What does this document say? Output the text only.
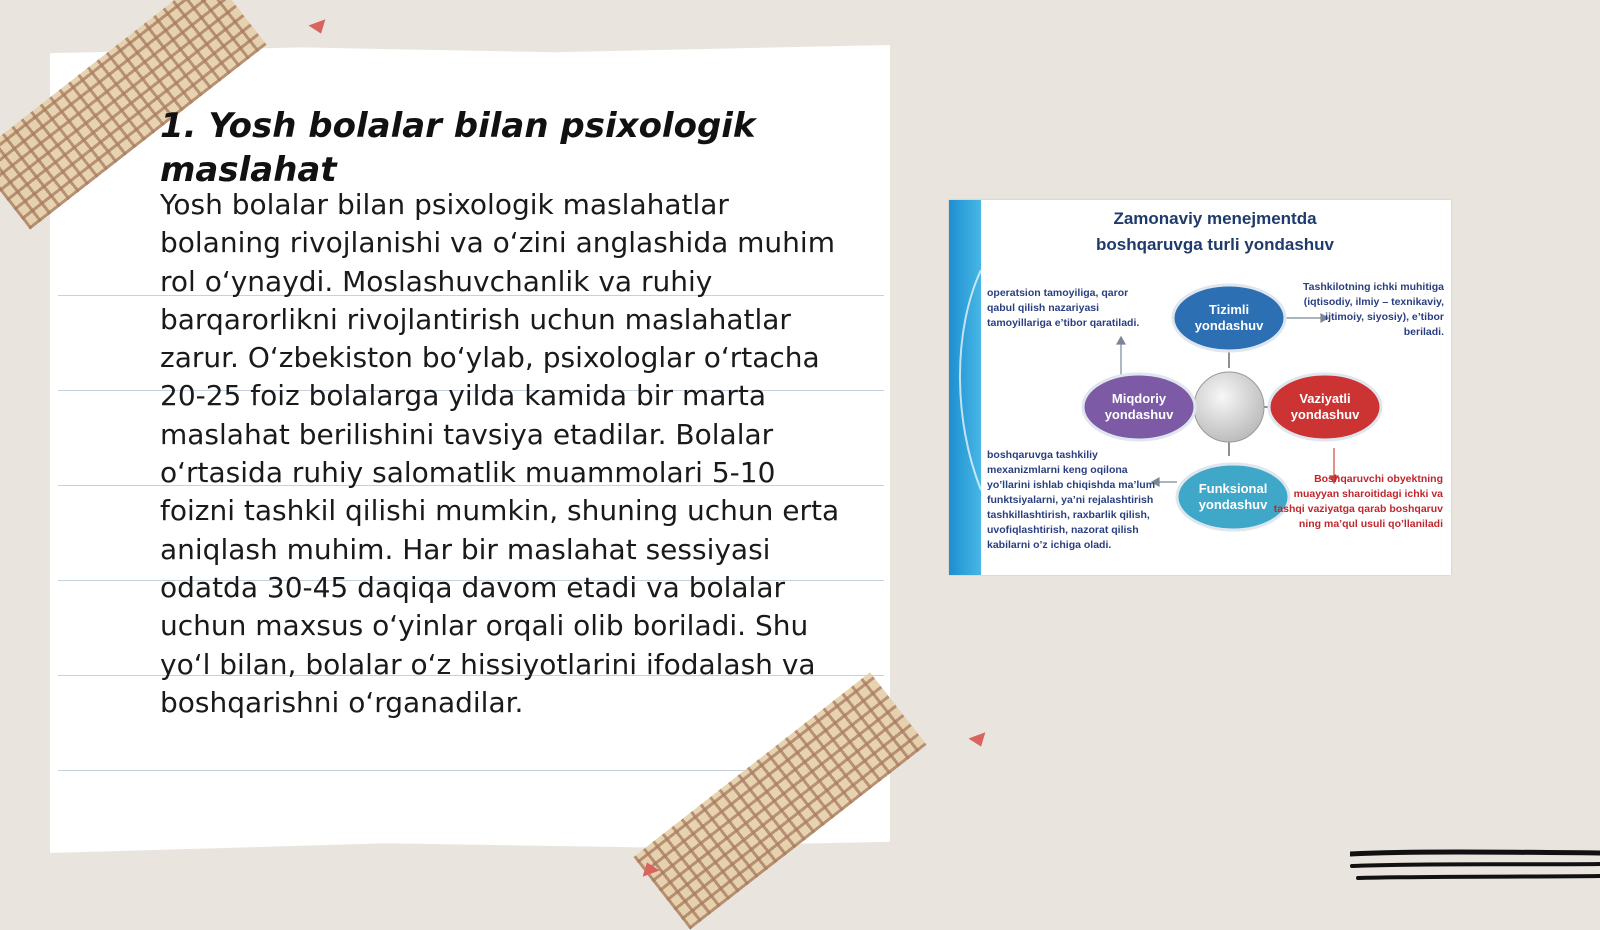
1. Yosh bolalar bilan psixologik maslahat

Yosh bolalar bilan psixologik maslahatlar bolaning rivojlanishi va o‘zini anglashida muhim rol o‘ynaydi. Moslashuvchanlik va ruhiy barqarorlikni rivojlantirish uchun maslahatlar zarur. O‘zbekiston bo‘ylab, psixologlar o‘rtacha 20-25 foiz bolalarga yilda kamida bir marta maslahat berilishini tavsiya etadilar. Bolalar o‘rtasida ruhiy salomatlik muammolari 5-10 foizni tashkil qilishi mumkin, shuning uchun erta aniqlash muhim. Har bir maslahat sessiyasi odatda 30-45 daqiqa davom etadi va bolalar uchun maxsus o‘yinlar orqali olib boriladi. Shu yo‘l bilan, bolalar o‘z hissiyotlarini ifodalash va boshqarishni o‘rganadilar.

Zamonaviy menejmentda
boshqaruvga turli yondashuv
operatsion tamoyiliga, qaror qabul qilish nazariyasi tamoyillariga e’tibor qaratiladi.
Tashkilotning ichki muhitiga (iqtisodiy, ilmiy – texnikaviy, ijtimoiy, siyosiy), e’tibor beriladi.
boshqaruvga tashkiliy mexanizmlarni keng oqilona yo’llarini ishlab chiqishda ma’lum funktsiyalarni, ya’ni rejalashtirish tashkillashtirish, raxbarlik qilish, uvofiqlashtirish, nazorat qilish kabilarni o’z ichiga oladi.
Boshqaruvchi obyektning muayyan sharoitidagi ichki va tashqi vaziyatga qarab boshqaruv ning ma’qul usuli qo’llaniladi
Tizimli
yondashuv
Miqdoriy
yondashuv
Vaziyatli
yondashuv
Funksional
yondashuv
